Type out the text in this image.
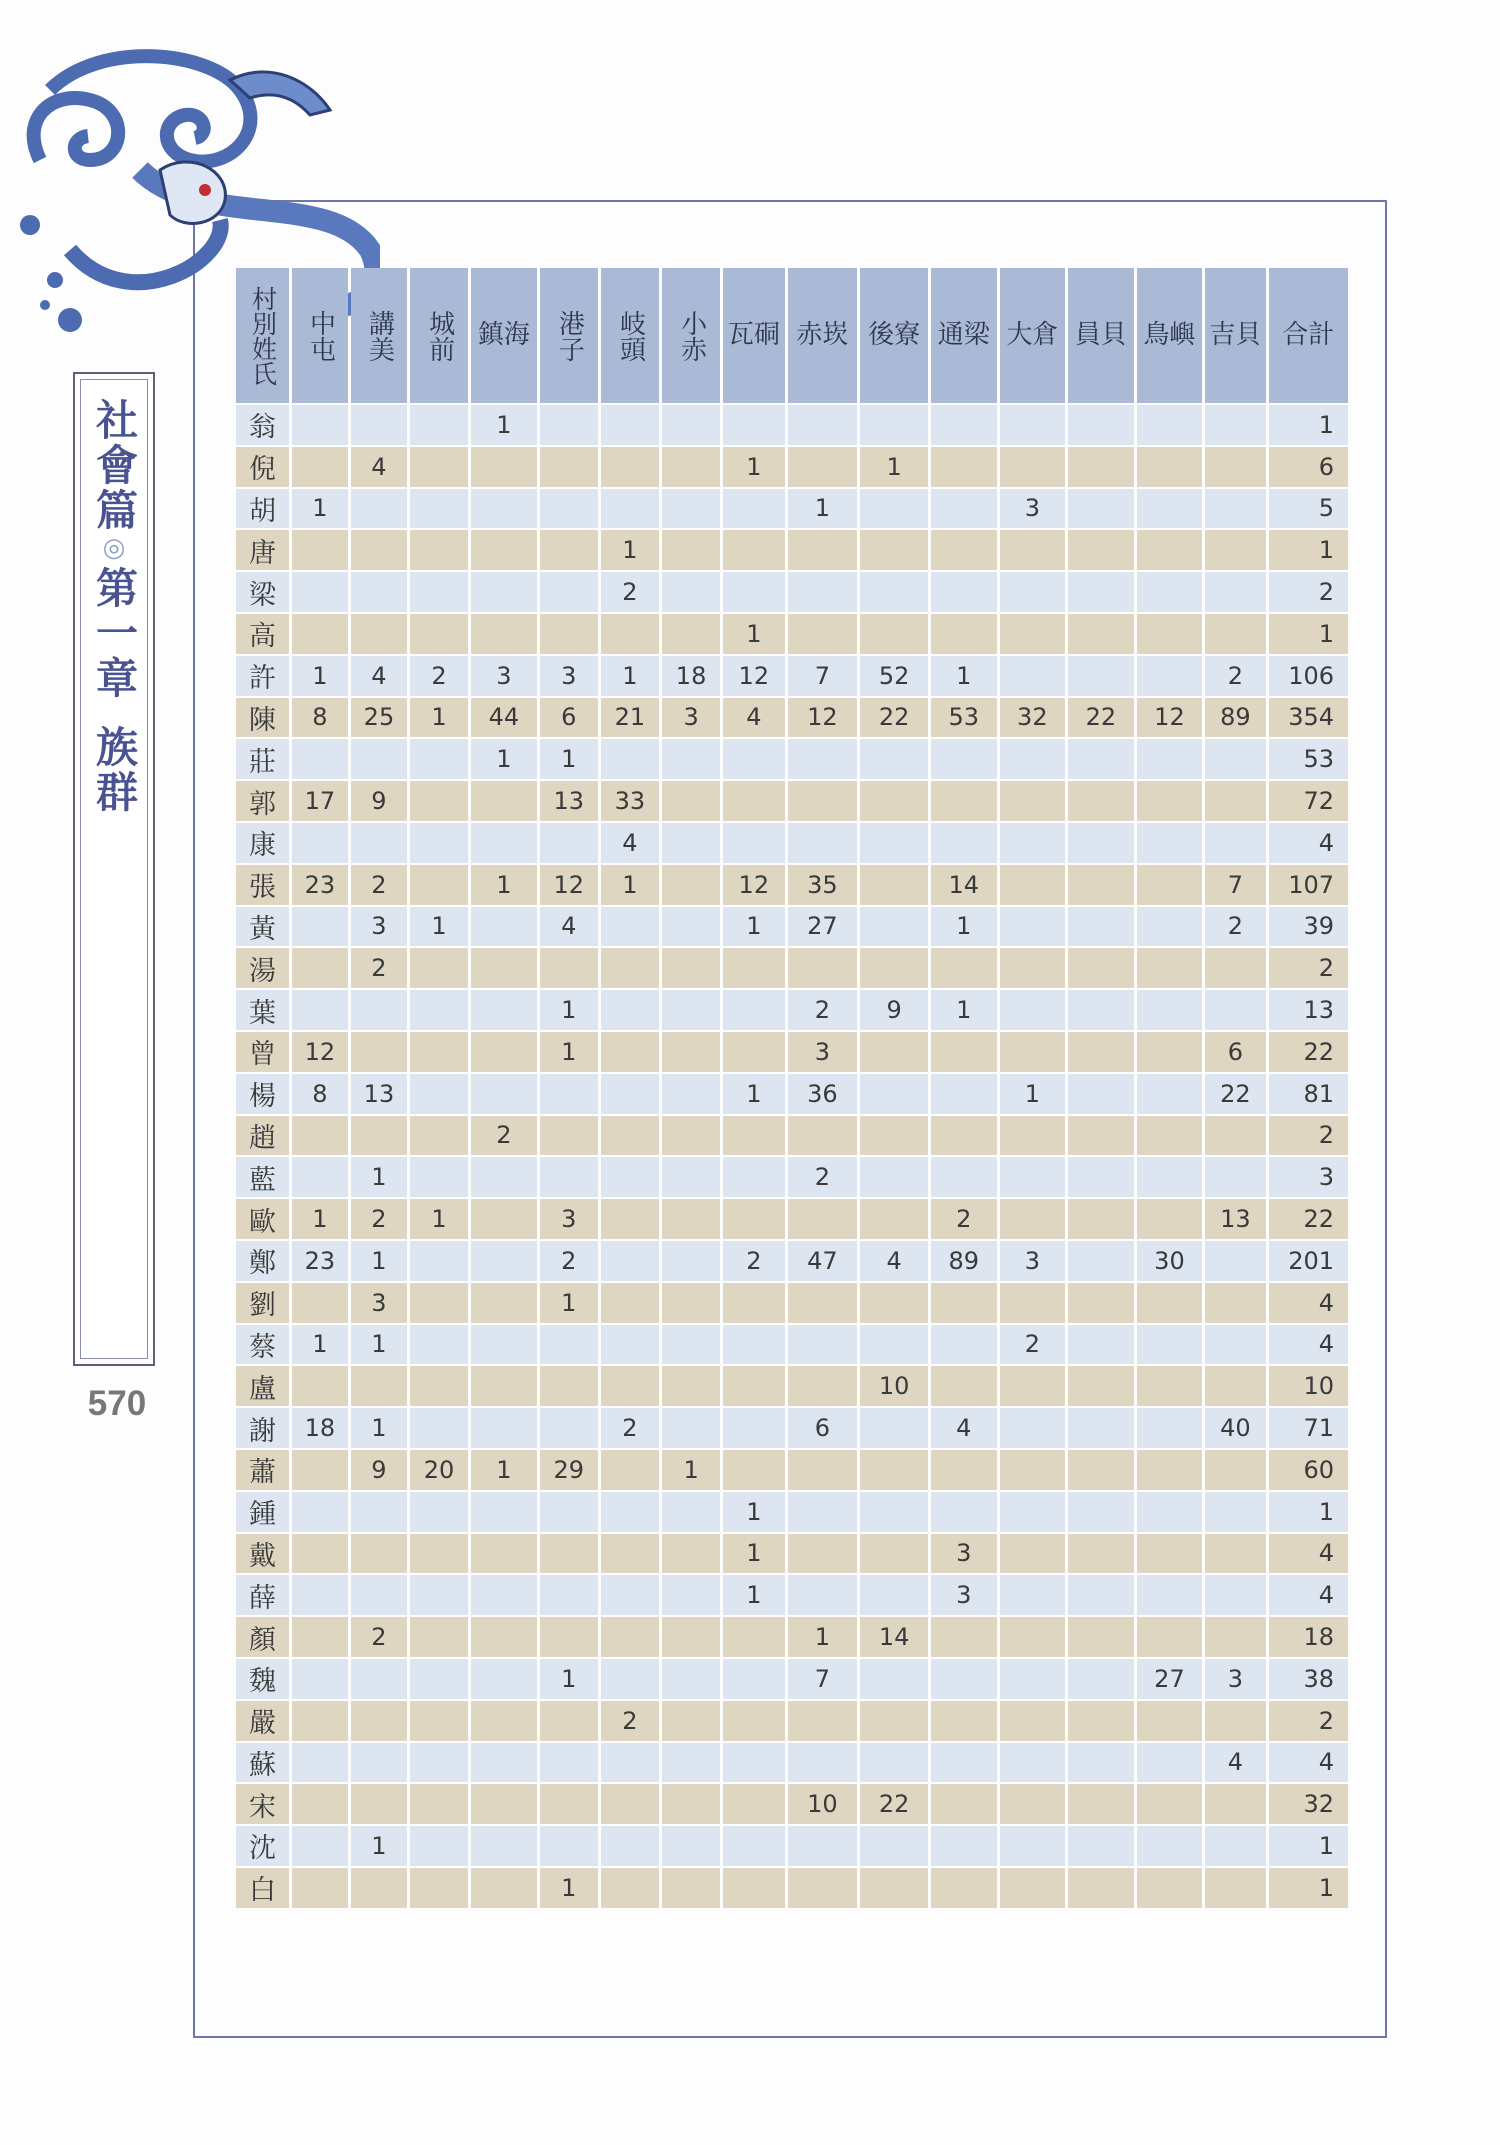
社
會
篇
◎
第
一
章
族
群
570
村別姓氏	中屯	講美	城前	鎮海	港子	岐頭	小赤	瓦硐	赤崁	後寮	通梁	大倉	員貝	鳥嶼	吉貝	合計
翁				1												1
倪		4						1		1						6
胡	1								1			3				5
唐						1										1
梁						2										2
高								1								1
許	1	4	2	3	3	1	18	12	7	52	1				2	106
陳	8	25	1	44	6	21	3	4	12	22	53	32	22	12	89	354
莊				1	1											53
郭	17	9			13	33										72
康						4										4
張	23	2		1	12	1		12	35		14				7	107
黃		3	1		4			1	27		1				2	39
湯		2														2
葉					1				2	9	1					13
曾	12				1				3						6	22
楊	8	13						1	36			1			22	81
趙				2												2
藍		1							2							3
歐	1	2	1		3						2				13	22
鄭	23	1			2			2	47	4	89	3		30		201
劉		3			1											4
蔡	1	1										2				4
盧										10						10
謝	18	1				2			6		4				40	71
蕭		9	20	1	29		1									60
鍾								1								1
戴								1			3					4
薛								1			3					4
顏		2							1	14						18
魏					1				7					27	3	38
嚴						2										2
蘇															4	4
宋									10	22						32
沈		1														1
白					1											1
